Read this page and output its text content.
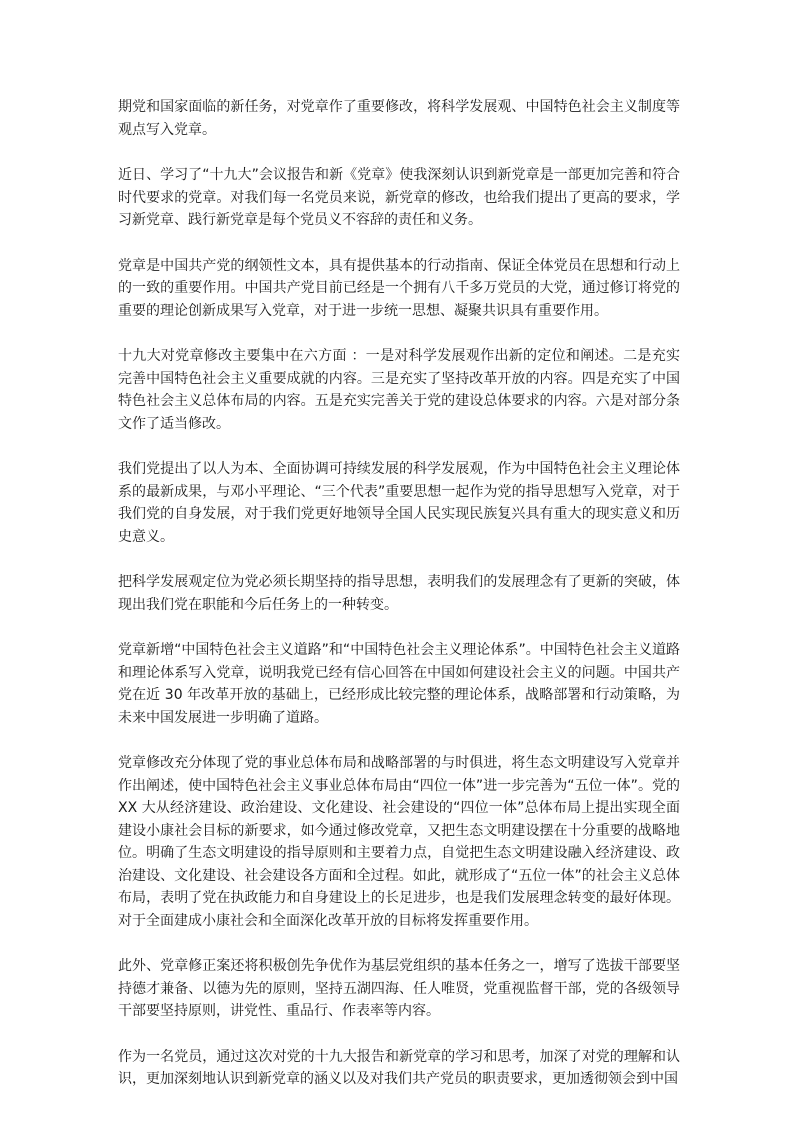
期党和国家面临的新任务，对党章作了重要修改，将科学发展观、中国特色社会主义制度等观点写入党章。

近日、学习了“十九大”会议报告和新《党章》使我深刻认识到新党章是一部更加完善和符合时代要求的党章。对我们每一名党员来说，新党章的修改，也给我们提出了更高的要求，学习新党章、践行新党章是每个党员义不容辞的责任和义务。

党章是中国共产党的纲领性文本，具有提供基本的行动指南、保证全体党员在思想和行动上的一致的重要作用。中国共产党目前已经是一个拥有八千多万党员的大党，通过修订将党的重要的理论创新成果写入党章，对于进一步统一思想、凝聚共识具有重要作用。

十九大对党章修改主要集中在六方面 ：一是对科学发展观作出新的定位和阐述。二是充实完善中国特色社会主义重要成就的内容。三是充实了坚持改革开放的内容。四是充实了中国特色社会主义总体布局的内容。五是充实完善关于党的建设总体要求的内容。六是对部分条文作了适当修改。

我们党提出了以人为本、全面协调可持续发展的科学发展观，作为中国特色社会主义理论体系的最新成果，与邓小平理论、“三个代表”重要思想一起作为党的指导思想写入党章，对于我们党的自身发展，对于我们党更好地领导全国人民实现民族复兴具有重大的现实意义和历史意义。

把科学发展观定位为党必须长期坚持的指导思想，表明我们的发展理念有了更新的突破，体现出我们党在职能和今后任务上的一种转变。

党章新增“中国特色社会主义道路”和“中国特色社会主义理论体系”。中国特色社会主义道路和理论体系写入党章，说明我党已经有信心回答在中国如何建设社会主义的问题。中国共产党在近 30 年改革开放的基础上，已经形成比较完整的理论体系，战略部署和行动策略，为未来中国发展进一步明确了道路。

党章修改充分体现了党的事业总体布局和战略部署的与时俱进，将生态文明建设写入党章并作出阐述，使中国特色社会主义事业总体布局由“四位一体”进一步完善为“五位一体”。党的 XX 大从经济建设、政治建设、文化建设、社会建设的“四位一体”总体布局上提出实现全面建设小康社会目标的新要求，如今通过修改党章，又把生态文明建设摆在十分重要的战略地位。明确了生态文明建设的指导原则和主要着力点，自觉把生态文明建设融入经济建设、政治建设、文化建设、社会建设各方面和全过程。如此，就形成了“五位一体”的社会主义总体布局，表明了党在执政能力和自身建设上的长足进步，也是我们发展理念转变的最好体现。对于全面建成小康社会和全面深化改革开放的目标将发挥重要作用。

此外、党章修正案还将积极创先争优作为基层党组织的基本任务之一，增写了选拔干部要坚持德才兼备、以德为先的原则，坚持五湖四海、任人唯贤，党重视监督干部，党的各级领导干部要坚持原则，讲党性、重品行、作表率等内容。

作为一名党员，通过这次对党的十九大报告和新党章的学习和思考，加深了对党的理解和认识，更加深刻地认识到新党章的涵义以及对我们共产党员的职责要求，更加透彻领会到中国
